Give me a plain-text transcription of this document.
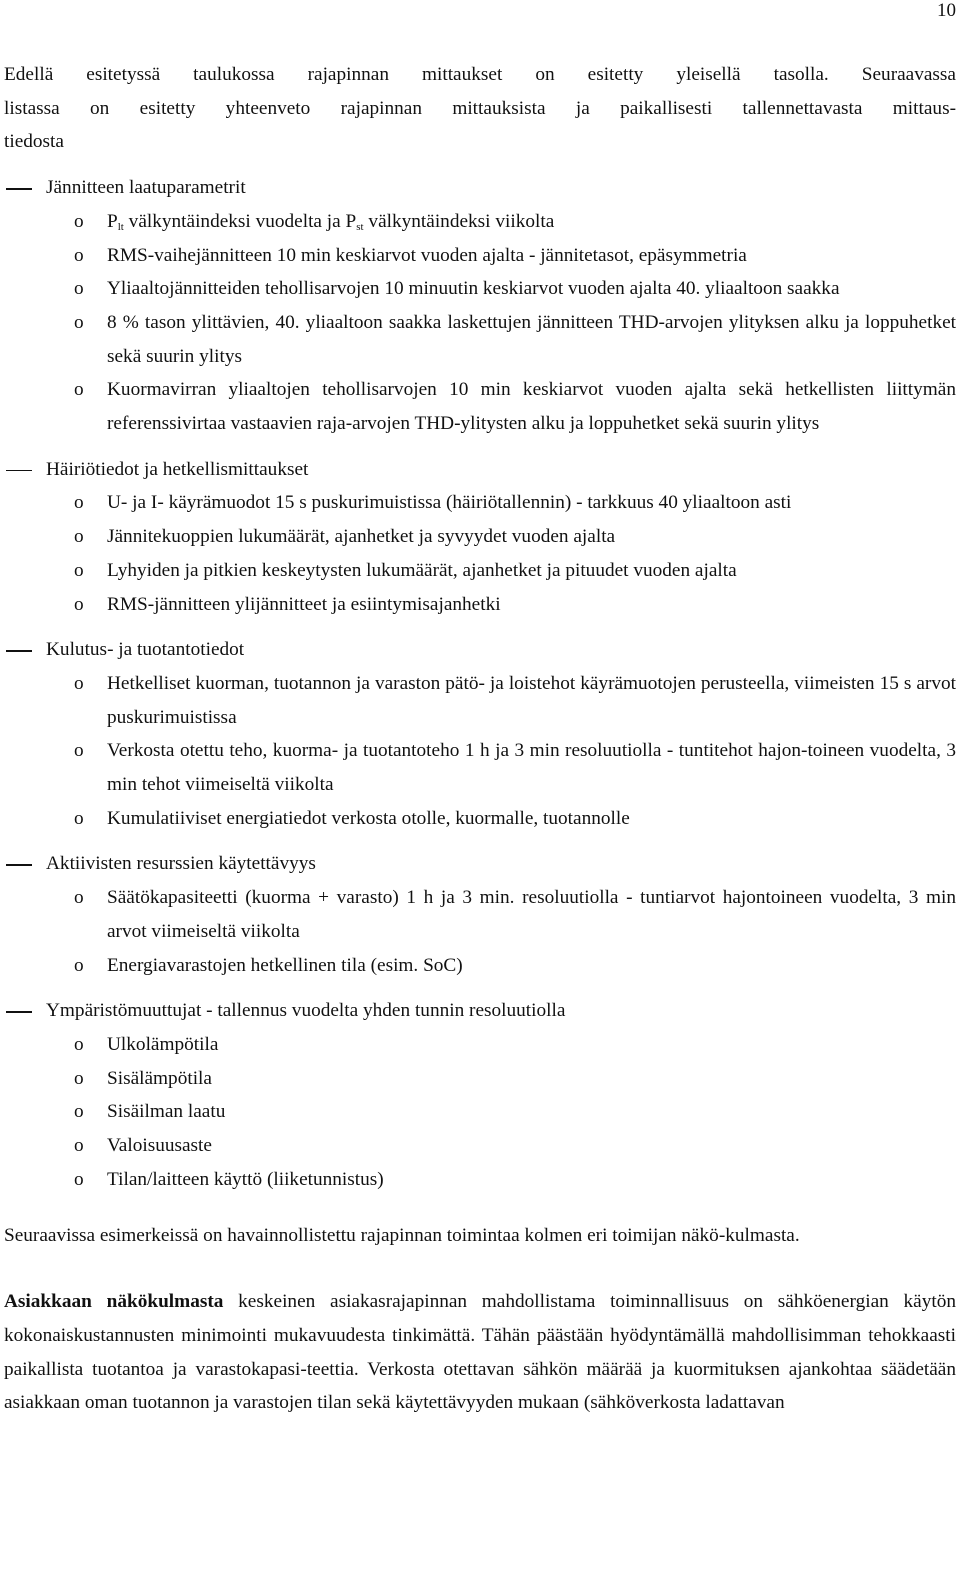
10

Edellä esitetyssä taulukossa rajapinnan mittaukset on esitetty yleisellä tasolla. Seuraavassa

listassa on esitetty yhteenveto rajapinnan mittauksista ja paikallisesti tallennettavasta mittaus-

tiedosta

Jännitteen laatuparametrit
o $P_{lt}$ välkyntäindeksi vuodelta ja $P_{st}$ välkyntäindeksi viikolta
o RMS-vaihejännitteen 10 min keskiarvot vuoden ajalta - jännitetasot, epäsymmetria
o Yliaaltojännitteiden tehollisarvojen 10 minuutin keskiarvot vuoden ajalta 40. yliaaltoon saakka
o 8 % tason ylittävien, 40. yliaaltoon saakka laskettujen jännitteen THD-arvojen ylityksen alku ja loppuhetket sekä suurin ylitys
o Kuormavirran yliaaltojen tehollisarvojen 10 min keskiarvot vuoden ajalta sekä hetkellisten liittymän referenssivirtaa vastaavien raja-arvojen THD-ylitysten alku ja loppuhetket sekä suurin ylitys
Häiriötiedot ja hetkellismittaukset
o U- ja I- käyrämuodot 15 s puskurimuistissa (häiriötallennin) - tarkkuus 40 yliaaltoon asti
o Jännitekuoppien lukumäärät, ajanhetket ja syvyydet vuoden ajalta
o Lyhyiden ja pitkien keskeytysten lukumäärät, ajanhetket ja pituudet vuoden ajalta
o RMS-jännitteen ylijännitteet ja esiintymisajanhetki
Kulutus- ja tuotantotiedot
o Hetkelliset kuorman, tuotannon ja varaston pätö- ja loistehot käyrämuotojen perusteella, viimeisten 15 s arvot puskurimuistissa
o Verkosta otettu teho, kuorma- ja tuotantoteho 1 h ja 3 min resoluutiolla - tuntitehot hajon-toineen vuodelta, 3 min tehot viimeiseltä viikolta
o Kumulatiiviset energiatiedot verkosta otolle, kuormalle, tuotannolle
Aktiivisten resurssien käytettävyys
o Säätökapasiteetti (kuorma + varasto) 1 h ja 3 min. resoluutiolla - tuntiarvot hajontoineen vuodelta, 3 min arvot viimeiseltä viikolta
o Energiavarastojen hetkellinen tila (esim. SoC)
Ympäristömuuttujat - tallennus vuodelta yhden tunnin resoluutiolla
o Ulkolämpötila
o Sisälämpötila
o Sisäilman laatu
o Valoisuusaste
o Tilan/laitteen käyttö (liiketunnistus)

Seuraavissa esimerkeissä on havainnollistettu rajapinnan toimintaa kolmen eri toimijan näkö-kulmasta.

Asiakkaan näkökulmasta keskeinen asiakasrajapinnan mahdollistama toiminnallisuus on sähköenergian käytön kokonaiskustannusten minimointi mukavuudesta tinkimättä. Tähän päästään hyödyntämällä mahdollisimman tehokkaasti paikallista tuotantoa ja varastokapasi-teettia. Verkosta otettavan sähkön määrää ja kuormituksen ajankohtaa säädetään asiakkaan oman tuotannon ja varastojen tilan sekä käytettävyyden mukaan (sähköverkosta ladattavan
